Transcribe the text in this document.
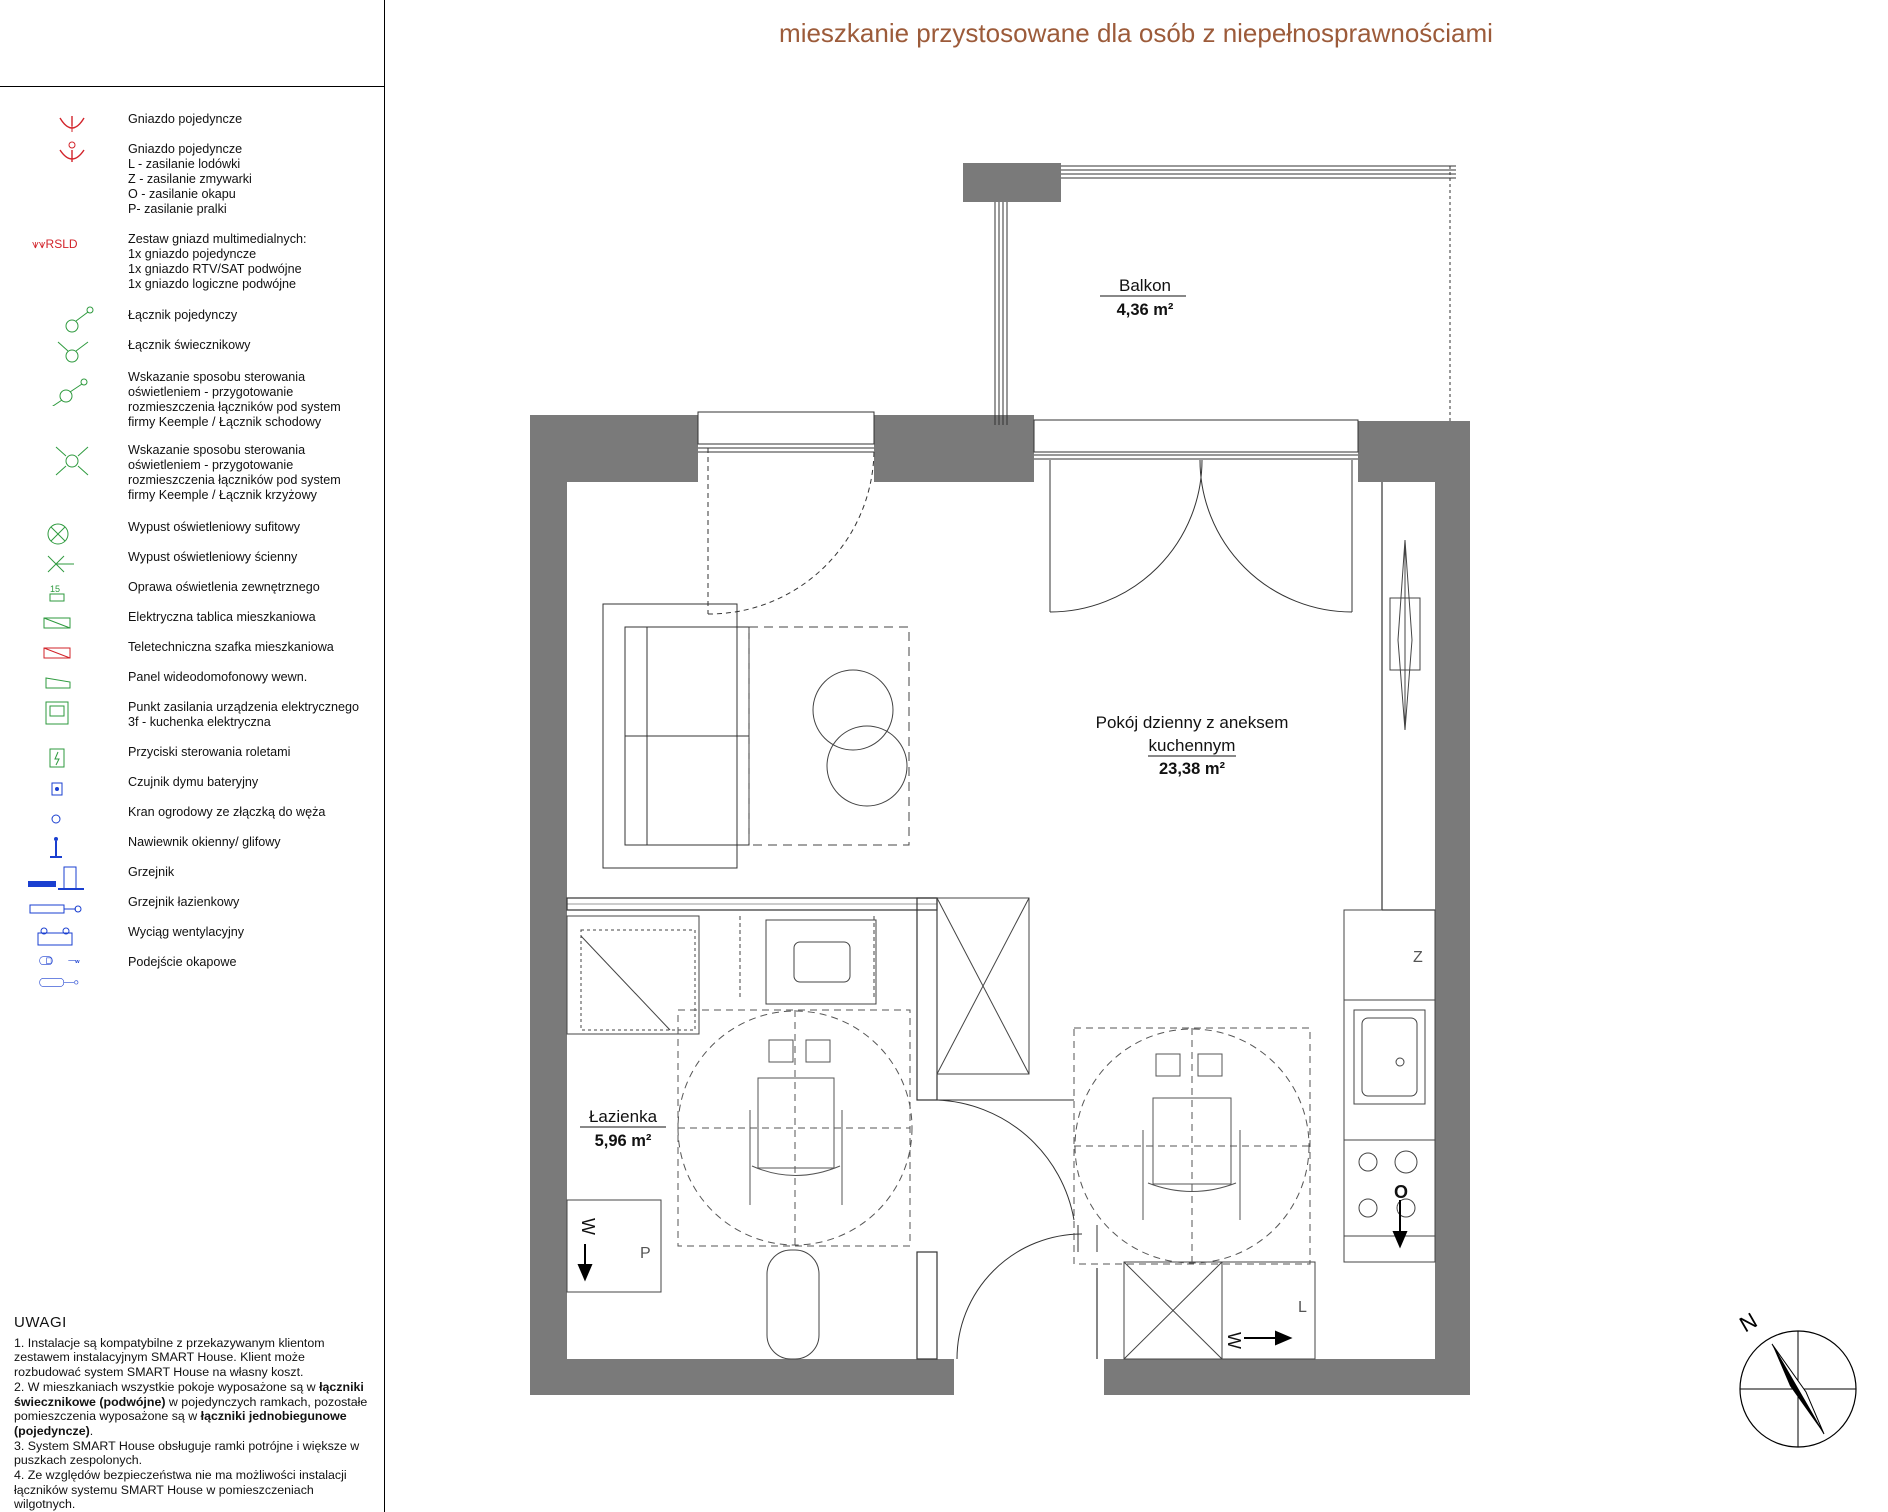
Gniazdo pojedyncze
Gniazdo pojedyncze
L - zasilanie lodówki
Z - zasilanie zmywarki
O - zasilanie okapu
P- zasilanie pralki
⩛⩛RSLD	Zestaw gniazd multimedialnych:
1x gniazdo pojedyncze
1x gniazdo RTV/SAT podwójne
1x gniazdo logiczne podwójne
Łącznik pojedynczy
Łącznik świecznikowy
Wskazanie sposobu sterowania
oświetleniem - przygotowanie
rozmieszczenia łączników pod system
firmy Keemple / Łącznik schodowy
Wskazanie sposobu sterowania
oświetleniem - przygotowanie
rozmieszczenia łączników pod system
firmy Keemple / Łącznik krzyżowy
Wypust oświetleniowy sufitowy
Wypust oświetleniowy ścienny
15	Oprawa oświetlenia zewnętrznego
Elektryczna tablica mieszkaniowa
Teletechniczna szafka mieszkaniowa
Panel wideodomofonowy wewn.
Punkt zasilania urządzenia elektrycznego
3f - kuchenka elektryczna
Przyciski sterowania roletami
Czujnik dymu bateryjny
Kran ogrodowy ze złączką do węża
Nawiewnik okienny/ glifowy
Grzejnik
Grzejnik łazienkowy
Wyciąg wentylacyjny
w	Podejście okapowe
UWAGI

1. Instalacje są kompatybilne z przekazywanym klientom zestawem instalacyjnym SMART House. Klient może rozbudować system SMART House na własny koszt.

2. W mieszkaniach wszystkie pokoje wyposażone są w łączniki świecznikowe (podwójne) w pojedynczych ramkach, pozostałe pomieszczenia wyposażone są w łączniki jednobiegunowe (pojedyncze).

3. System SMART House obsługuje ramki potrójne i większe w puszkach zespolonych.

4. Ze względów bezpieczeństwa nie ma możliwości instalacji łączników systemu SMART House w pomieszczeniach wilgotnych.

mieszkanie przystosowane dla osób z niepełnosprawnościami
Balkon
4,36 m²
Pokój dzienny z aneksem
kuchennym
23,38 m²
Łazienka
5,96 m²
Z
P
L
O
W
W
N
